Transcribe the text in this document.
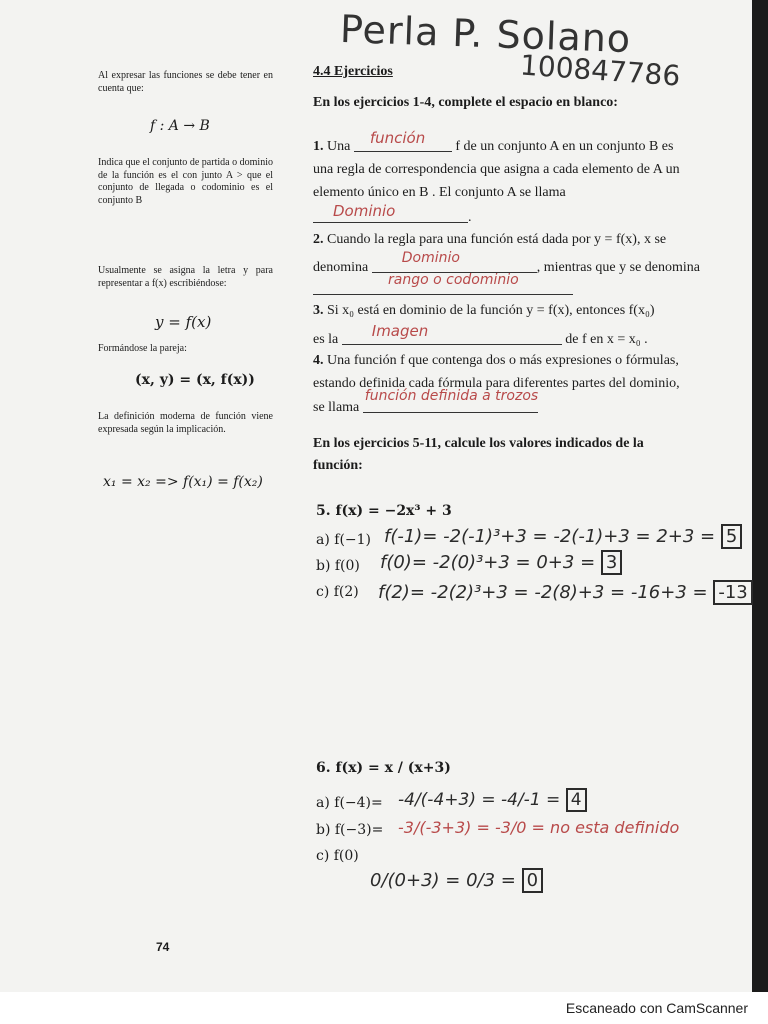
Perla P. Solano
100847786
Al expresar las funciones se debe tener en cuenta que:
f : A → B
Indica que el conjunto de partida o dominio de la función es el con junto A > que el conjunto de llegada o codominio es el conjunto B
Usualmente se asigna la letra y para representar a f(x) escribiéndose:
y = f(x)
Formándose la pareja:
(x, y) = (x, f(x))
La definición moderna de función viene expresada según la implicación.
x₁ = x₂ => f(x₁) = f(x₂)
4.4 Ejercicios
En los ejercicios 1-4, complete el espacio en blanco:
1. Una función f de un conjunto A en un conjunto B es
una regla de correspondencia que asigna a cada elemento de A un
elemento único en B . El conjunto A se llama
Dominio	.
2. Cuando la regla para una función está dada por y = f(x), x se
denomina
Dominio
, mientras que y se denomina
rango o codominio
3. Si x₀ está en dominio de la función y = f(x), entonces f(x₀)
es la Imagen	de f en x = x₀ .
4. Una función f que contenga dos o más expresiones o fórmulas,
estando definida cada fórmula para diferentes partes del dominio,
se llama
función definida a trozos
En los ejercicios 5-11, calcule los valores indicados de la
función:
5. f(x) = −2x³ + 3
a) f(−1) f(-1)= -2(-1)³+3 = -2(-1)+3 = 2+3 = 5
b) f(0) f(0)= -2(0)³+3 = 0+3 = 3
c) f(2) f(2)= -2(2)³+3 = -2(8)+3 = -16+3 = -13
6. f(x) = x / (x+3)
a) f(−4)= -4/(-4+3) = -4/-1 = 4
b) f(−3)= -3/(-3+3) = -3/0 = no esta definido
c) f(0)
0/(0+3) = 0/3 = 0
74
Escaneado con CamScanner
